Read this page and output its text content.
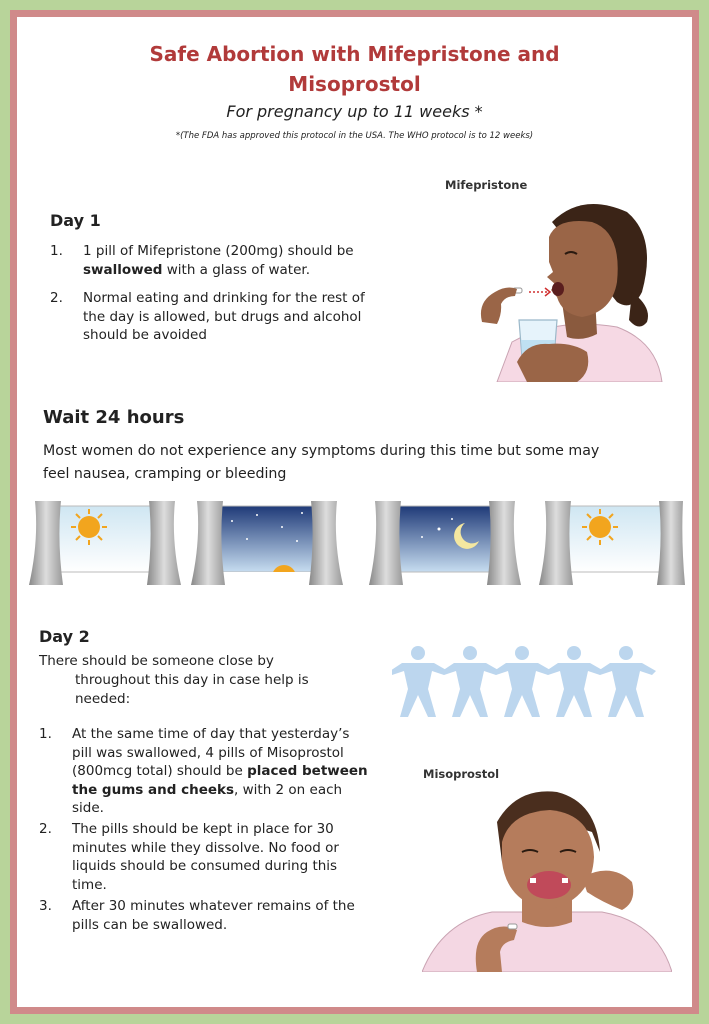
Safe Abortion with Mifepristone and
Misoprostol
For pregnancy up to 11 weeks *
*(The FDA has approved this protocol in the USA. The WHO protocol is to 12 weeks)
Day 1
1. 1 pill of Mifepristone (200mg) should be
swallowed with a glass of water.
2. Normal eating and drinking for the rest of
the day is allowed, but drugs and alcohol
should be avoided
Mifepristone
Wait 24 hours
Most women do not experience any symptoms during this time but some may
feel nausea, cramping or bleeding
Day 2
There should be someone close by
throughout this day in case help is
needed:
1. At the same time of day that yesterday’s
pill was swallowed, 4 pills of Misoprostol
(800mcg total) should be placed between
the gums and cheeks, with 2 on each
side.
2. The pills should be kept in place for 30
minutes while they dissolve. No food or
liquids should be consumed during this
time.
3. After 30 minutes whatever remains of the
pills can be swallowed.
Misoprostol
